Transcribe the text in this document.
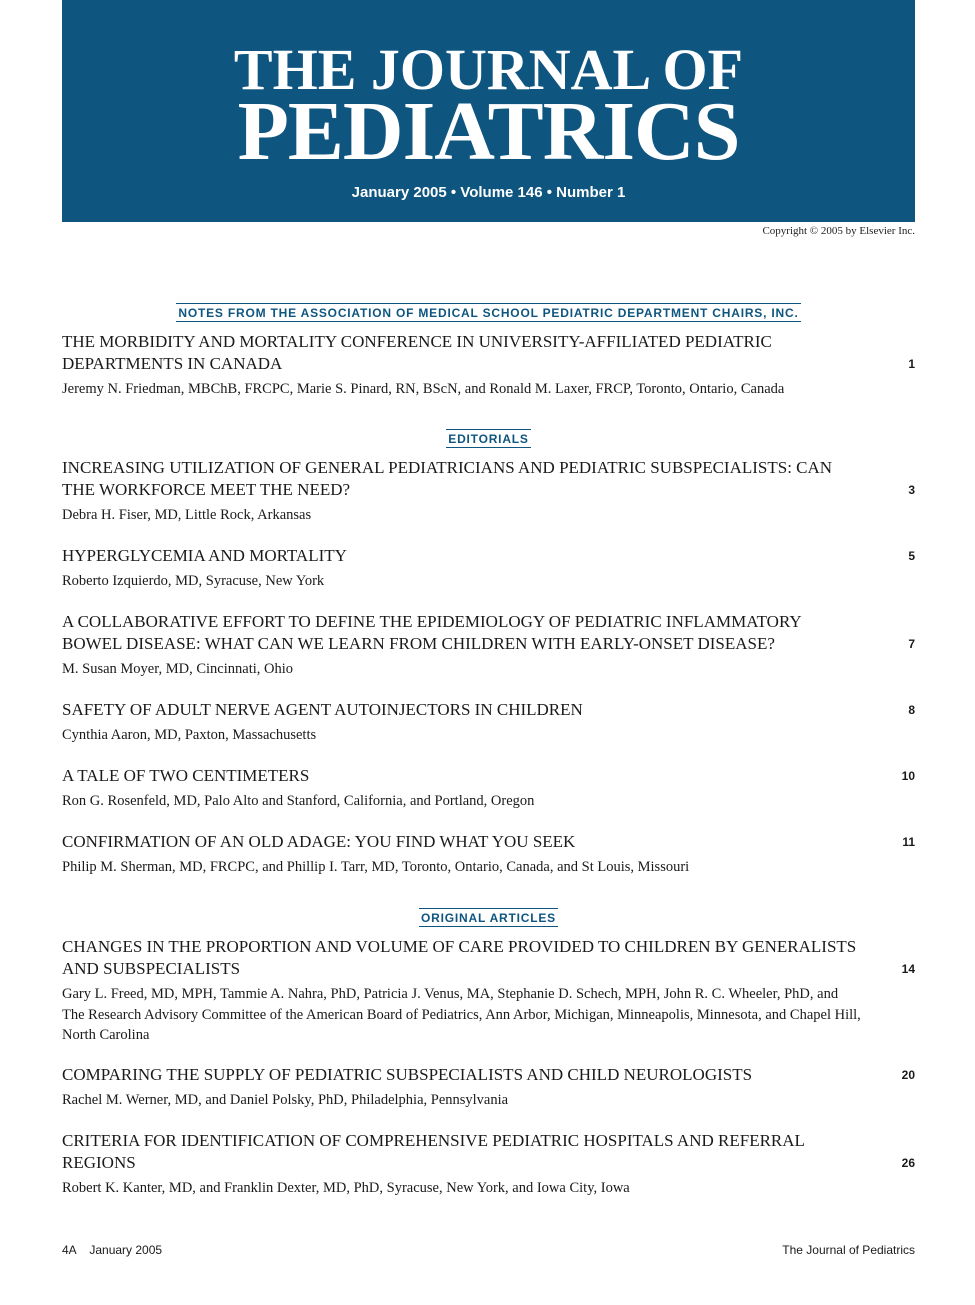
THE JOURNAL OF
PEDIATRICS
January 2005 • Volume 146 • Number 1
Copyright © 2005 by Elsevier Inc.
NOTES FROM THE ASSOCIATION OF MEDICAL SCHOOL PEDIATRIC DEPARTMENT CHAIRS, INC.
THE MORBIDITY AND MORTALITY CONFERENCE IN UNIVERSITY-AFFILIATED PEDIATRIC DEPARTMENTS IN CANADA
Jeremy N. Friedman, MBChB, FRCPC, Marie S. Pinard, RN, BScN, and Ronald M. Laxer, FRCP, Toronto, Ontario, Canada
1
EDITORIALS
INCREASING UTILIZATION OF GENERAL PEDIATRICIANS AND PEDIATRIC SUBSPECIALISTS: CAN THE WORKFORCE MEET THE NEED?
Debra H. Fiser, MD, Little Rock, Arkansas
3
HYPERGLYCEMIA AND MORTALITY
Roberto Izquierdo, MD, Syracuse, New York
5
A COLLABORATIVE EFFORT TO DEFINE THE EPIDEMIOLOGY OF PEDIATRIC INFLAMMATORY BOWEL DISEASE: WHAT CAN WE LEARN FROM CHILDREN WITH EARLY-ONSET DISEASE?
M. Susan Moyer, MD, Cincinnati, Ohio
7
SAFETY OF ADULT NERVE AGENT AUTOINJECTORS IN CHILDREN
Cynthia Aaron, MD, Paxton, Massachusetts
8
A TALE OF TWO CENTIMETERS
Ron G. Rosenfeld, MD, Palo Alto and Stanford, California, and Portland, Oregon
10
CONFIRMATION OF AN OLD ADAGE: YOU FIND WHAT YOU SEEK
Philip M. Sherman, MD, FRCPC, and Phillip I. Tarr, MD, Toronto, Ontario, Canada, and St Louis, Missouri
11
ORIGINAL ARTICLES
CHANGES IN THE PROPORTION AND VOLUME OF CARE PROVIDED TO CHILDREN BY GENERALISTS AND SUBSPECIALISTS
Gary L. Freed, MD, MPH, Tammie A. Nahra, PhD, Patricia J. Venus, MA, Stephanie D. Schech, MPH, John R. C. Wheeler, PhD, and The Research Advisory Committee of the American Board of Pediatrics, Ann Arbor, Michigan, Minneapolis, Minnesota, and Chapel Hill, North Carolina
14
COMPARING THE SUPPLY OF PEDIATRIC SUBSPECIALISTS AND CHILD NEUROLOGISTS
Rachel M. Werner, MD, and Daniel Polsky, PhD, Philadelphia, Pennsylvania
20
CRITERIA FOR IDENTIFICATION OF COMPREHENSIVE PEDIATRIC HOSPITALS AND REFERRAL REGIONS
Robert K. Kanter, MD, and Franklin Dexter, MD, PhD, Syracuse, New York, and Iowa City, Iowa
26
4A    January 2005	The Journal of Pediatrics
